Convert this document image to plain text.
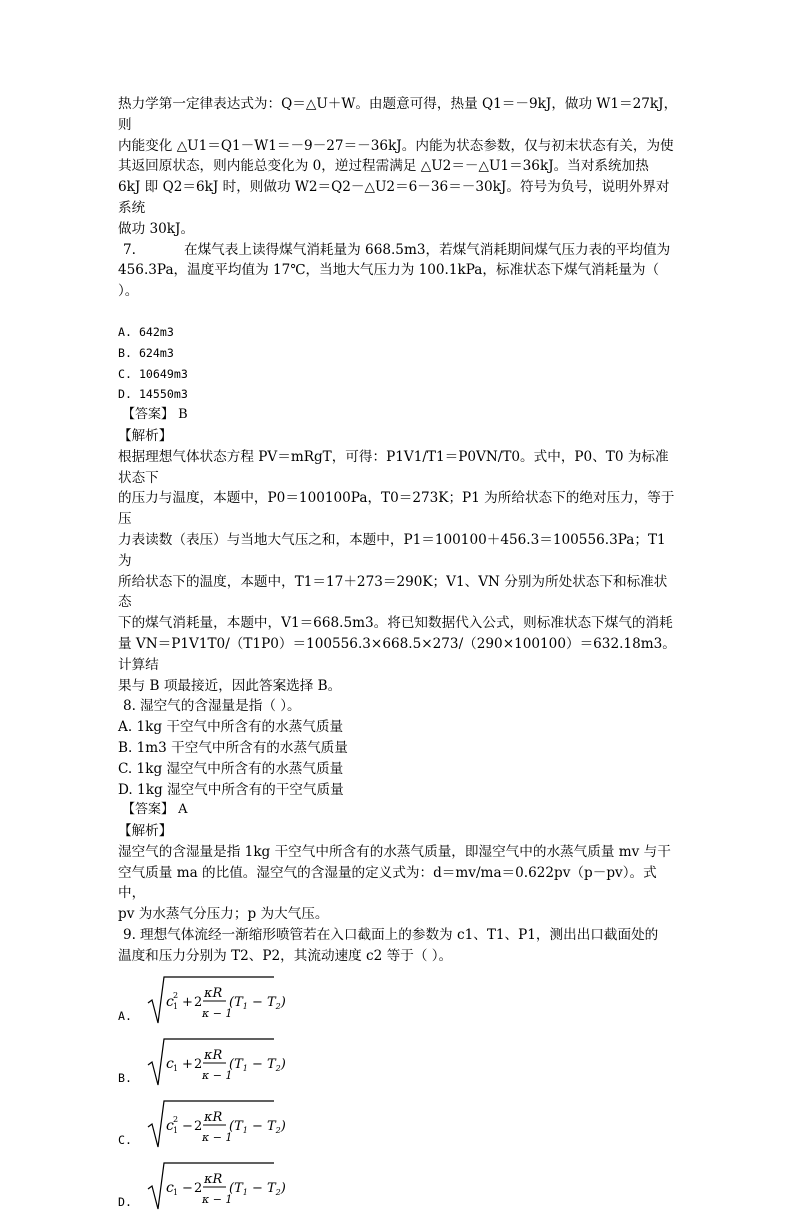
热力学第一定律表达式为：Q＝△U＋W。由题意可得，热量 Q1＝－9kJ，做功 W1＝27kJ，则

内能变化 △U1＝Q1－W1＝－9－27＝－36kJ。内能为状态参数，仅与初末状态有关，为使

其返回原状态，则内能总变化为 0，逆过程需满足 △U2＝－△U1＝36kJ。当对系统加热

6kJ 即 Q2＝6kJ 时，则做功 W2＝Q2－△U2＝6－36＝－30kJ。符号为负号，说明外界对系统

做功 30kJ。

7.	在煤气表上读得煤气消耗量为 668.5m3，若煤气消耗期间煤气压力表的平均值为

456.3Pa，温度平均值为 17℃，当地大气压力为 100.1kPa，标准状态下煤气消耗量为（ ）。

A. 642m3

B. 624m3

C. 10649m3

D. 14550m3

【答案】 B

【解析】

根据理想气体状态方程 PV＝mRgT，可得：P1V1/T1＝P0VN/T0。式中，P0、T0 为标准状态下

的压力与温度，本题中，P0＝100100Pa，T0＝273K；P1 为所给状态下的绝对压力，等于压

力表读数（表压）与当地大气压之和，本题中，P1＝100100＋456.3＝100556.3Pa；T1 为

所给状态下的温度，本题中，T1＝17＋273＝290K；V1、VN 分别为所处状态下和标准状态

下的煤气消耗量，本题中，V1＝668.5m3。将已知数据代入公式，则标准状态下煤气的消耗

量 VN＝P1V1T0/（T1P0）＝100556.3×668.5×273/（290×100100）＝632.18m3。计算结

果与 B 项最接近，因此答案选择 B。

8. 湿空气的含湿量是指（ ）。

A. 1kg 干空气中所含有的水蒸气质量

B. 1m3 干空气中所含有的水蒸气质量

C. 1kg 湿空气中所含有的水蒸气质量

D. 1kg 湿空气中所含有的干空气质量

【答案】 A

【解析】

湿空气的含湿量是指 1kg 干空气中所含有的水蒸气质量，即湿空气中的水蒸气质量 mv 与干

空气质量 ma 的比值。湿空气的含湿量的定义式为：d＝mv/ma＝0.622pv（p－pv）。式中，

pv 为水蒸气分压力；p 为大气压。

9. 理想气体流经一渐缩形喷管若在入口截面上的参数为 c1、T1、P1，测出出口截面处的

温度和压力分别为 T2、P2，其流动速度 c2 等于（ ）。

A.
c 1
2 + 2
κR
κ − 1
$(T_1 - T_2)$
B.
c 1 + 2
κR
κ − 1
$(T_1 - T_2)$
C.
c 1
2 − 2
κR
κ − 1
$(T_1 - T_2)$
D.
c 1 − 2
κR
κ − 1
$(T_1 - T_2)$
